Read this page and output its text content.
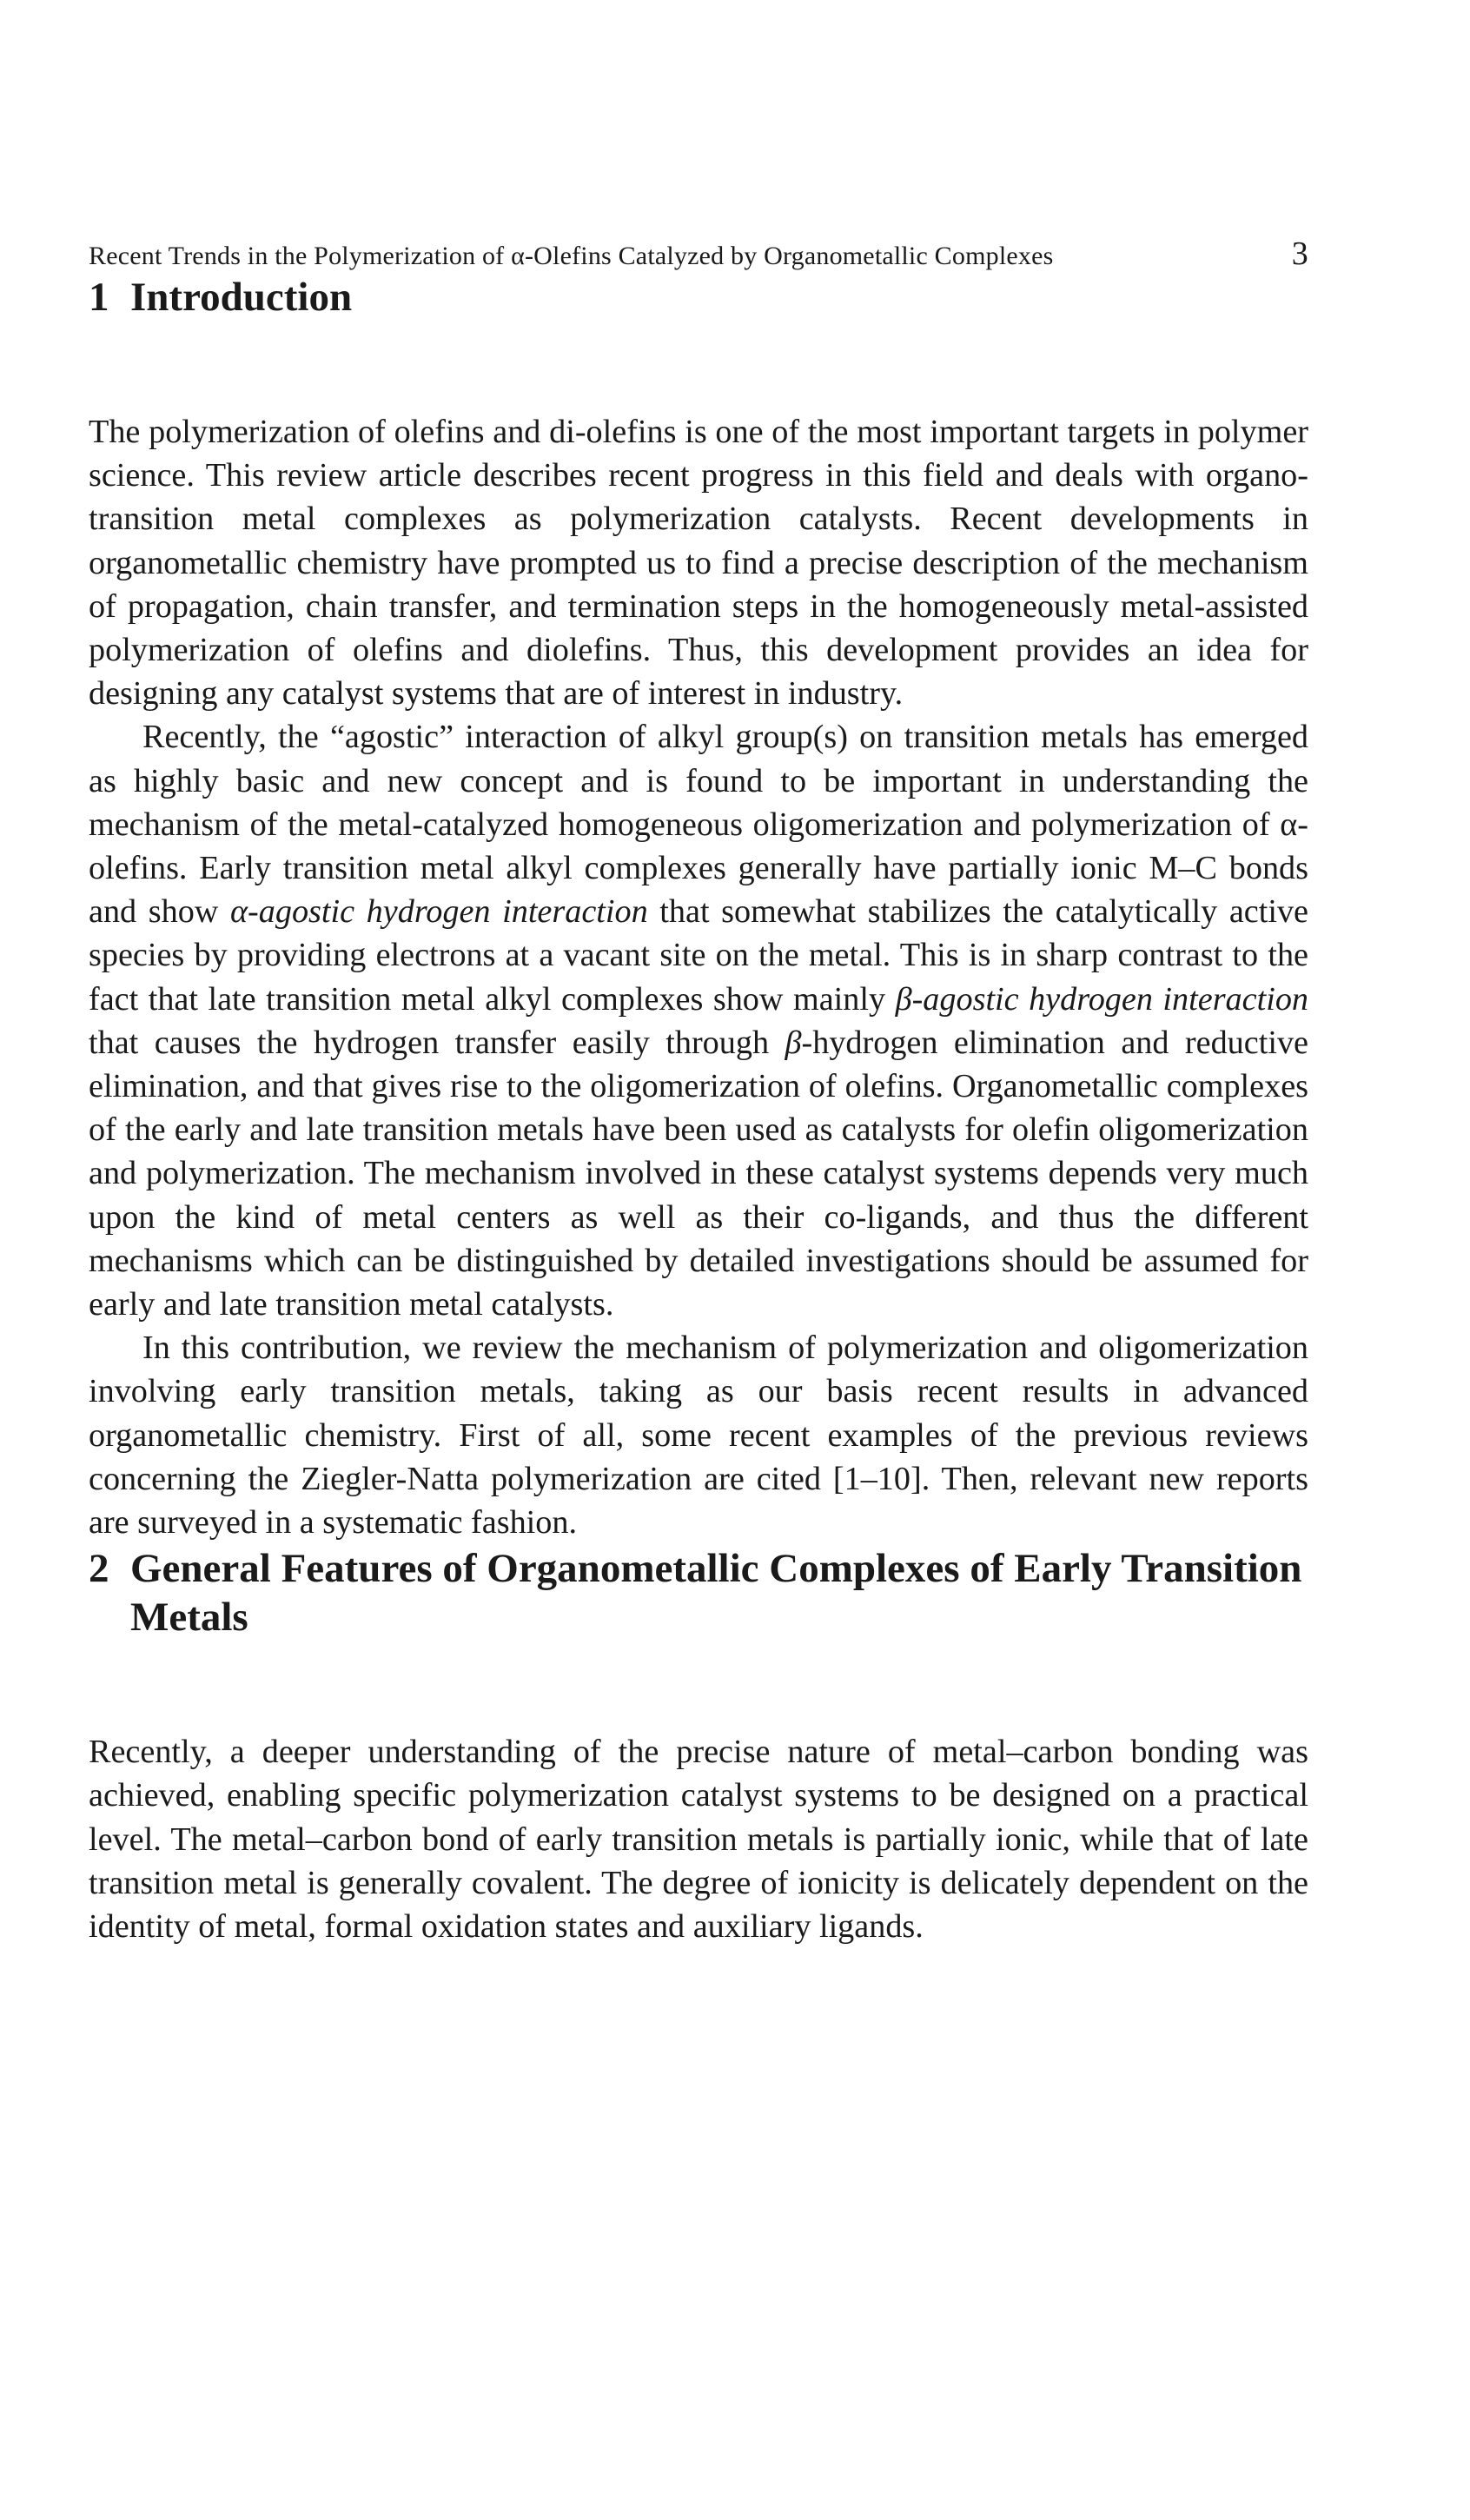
Recent Trends in the Polymerization of α-Olefins Catalyzed by Organometallic Complexes	3
1 Introduction

The polymerization of olefins and di-olefins is one of the most important targets in polymer science. This review article describes recent progress in this field and deals with organo-transition metal complexes as polymerization catalysts. Recent developments in organometallic chemistry have prompted us to find a precise description of the mechanism of propagation, chain transfer, and termination steps in the homogeneously metal-assisted polymerization of olefins and diolefins. Thus, this development provides an idea for designing any catalyst systems that are of interest in industry.

Recently, the “agostic” interaction of alkyl group(s) on transition metals has emerged as highly basic and new concept and is found to be important in understanding the mechanism of the metal-catalyzed homogeneous oligomerization and polymerization of α-olefins. Early transition metal alkyl complexes generally have partially ionic M–C bonds and show α-agostic hydrogen interaction that somewhat stabilizes the catalytically active species by providing electrons at a vacant site on the metal. This is in sharp contrast to the fact that late transition metal alkyl complexes show mainly β-agostic hydrogen interaction that causes the hydrogen transfer easily through β-hydrogen elimination and reductive elimination, and that gives rise to the oligomerization of olefins. Organometallic complexes of the early and late transition metals have been used as catalysts for olefin oligomerization and polymerization. The mechanism involved in these catalyst systems depends very much upon the kind of metal centers as well as their co-ligands, and thus the different mechanisms which can be distinguished by detailed investigations should be assumed for early and late transition metal catalysts.

In this contribution, we review the mechanism of polymerization and oligomerization involving early transition metals, taking as our basis recent results in advanced organometallic chemistry. First of all, some recent examples of the previous reviews concerning the Ziegler-Natta polymerization are cited [1–10]. Then, relevant new reports are surveyed in a systematic fashion.

2 General Features of Organometallic Complexes of Early Transition Metals

Recently, a deeper understanding of the precise nature of metal–carbon bonding was achieved, enabling specific polymerization catalyst systems to be designed on a practical level. The metal–carbon bond of early transition metals is partially ionic, while that of late transition metal is generally covalent. The degree of ionicity is delicately dependent on the identity of metal, formal oxidation states and auxiliary ligands.
